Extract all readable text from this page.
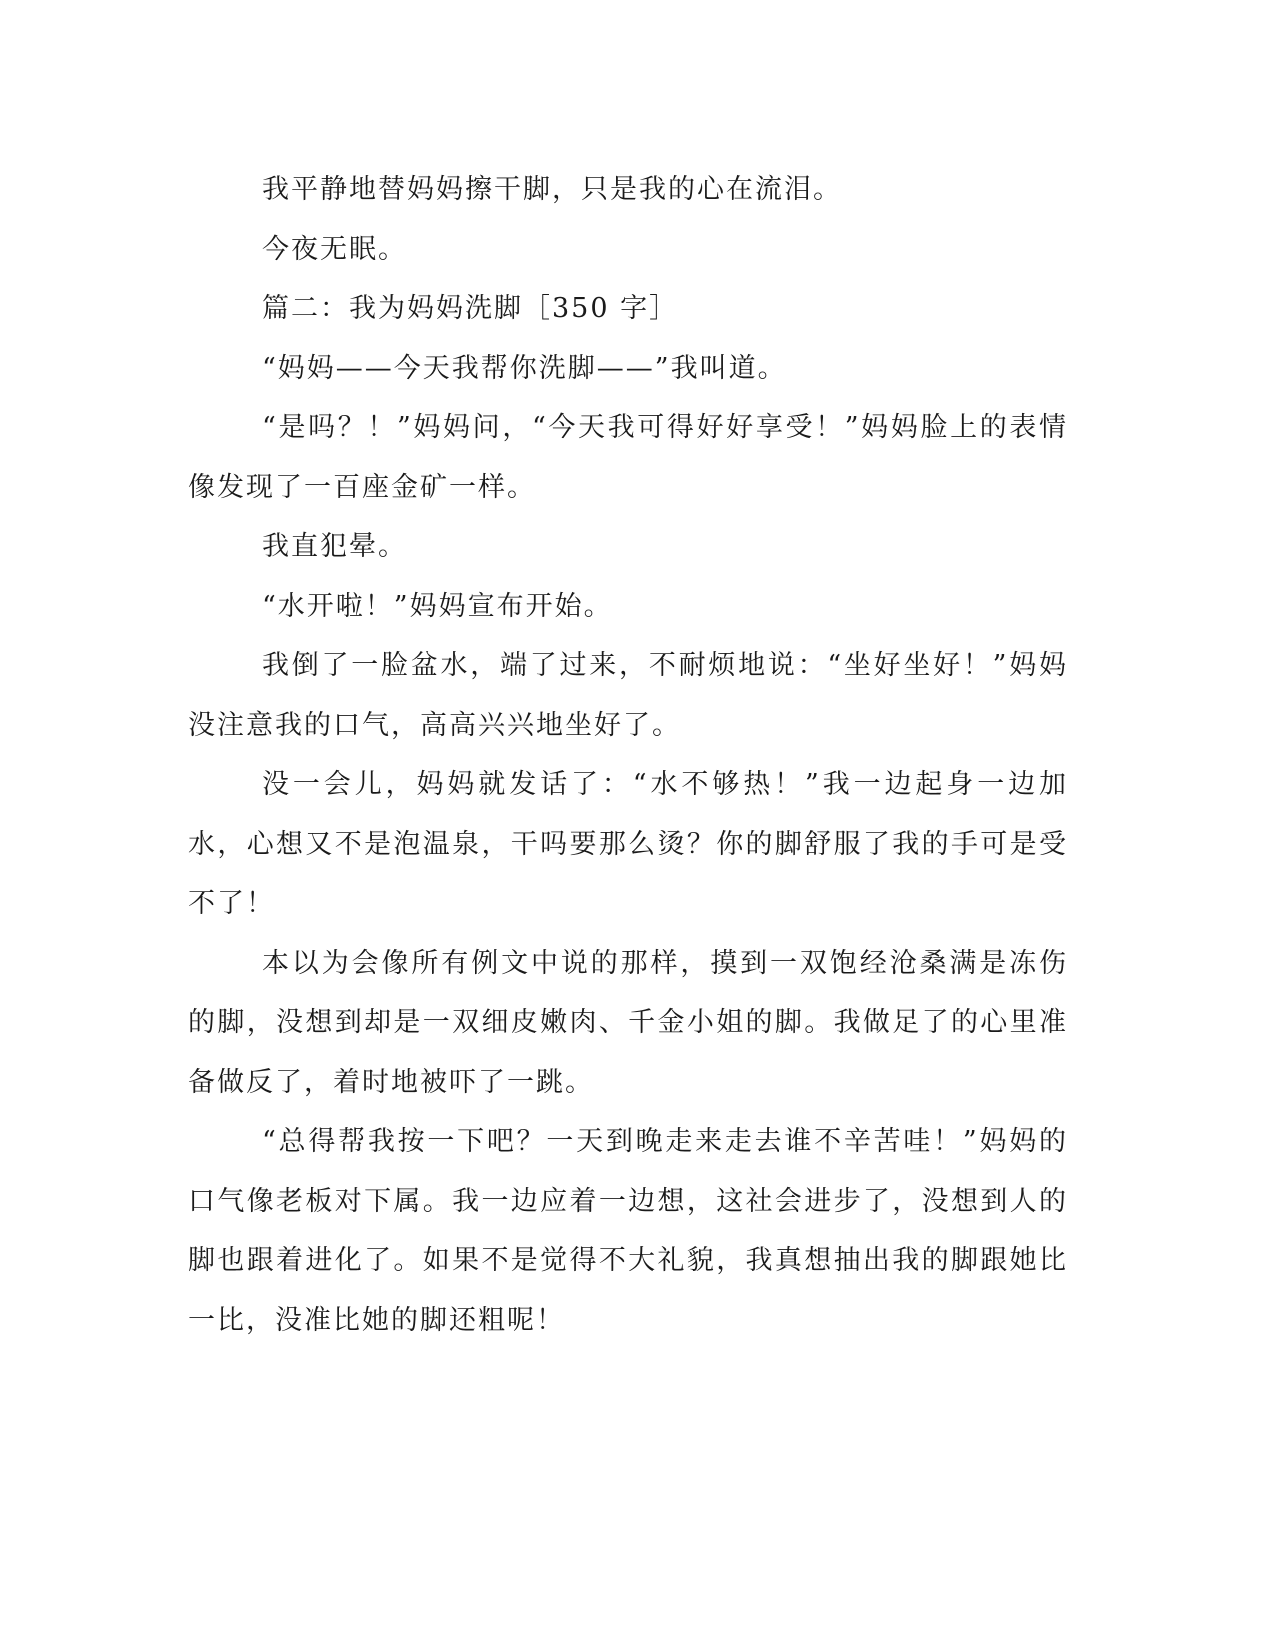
我平静地替妈妈擦干脚，只是我的心在流泪。

今夜无眠。

篇二：我为妈妈洗脚［350 字］

“妈妈——今天我帮你洗脚——”我叫道。

“是吗？！”妈妈问，“今天我可得好好享受！”妈妈脸上的表情像发现了一百座金矿一样。

我直犯晕。

“水开啦！”妈妈宣布开始。

我倒了一脸盆水，端了过来，不耐烦地说：“坐好坐好！”妈妈没注意我的口气，高高兴兴地坐好了。

没一会儿，妈妈就发话了：“水不够热！”我一边起身一边加水，心想又不是泡温泉，干吗要那么烫？你的脚舒服了我的手可是受不了！

本以为会像所有例文中说的那样，摸到一双饱经沧桑满是冻伤的脚，没想到却是一双细皮嫩肉、千金小姐的脚。我做足了的心里准备做反了，着时地被吓了一跳。

“总得帮我按一下吧？一天到晚走来走去谁不辛苦哇！”妈妈的口气像老板对下属。我一边应着一边想，这社会进步了，没想到人的脚也跟着进化了。如果不是觉得不大礼貌，我真想抽出我的脚跟她比一比，没准比她的脚还粗呢！
